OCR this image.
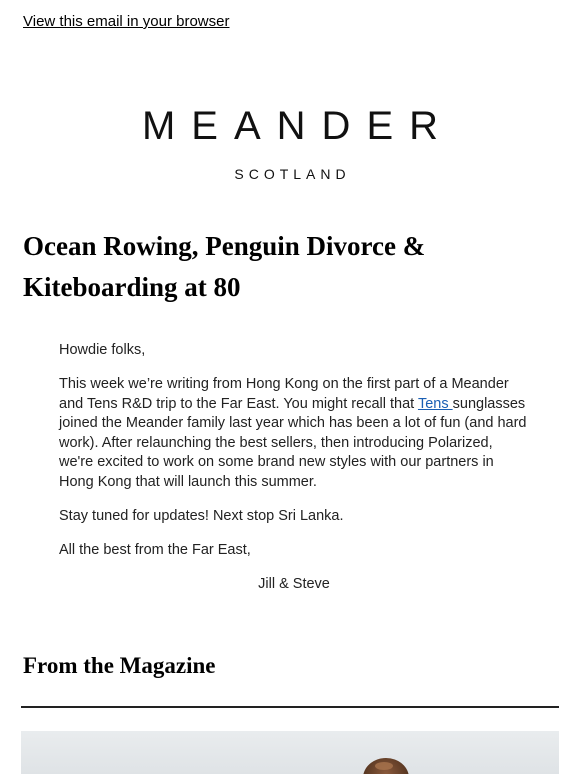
View this email in your browser
MEANDER
SCOTLAND
Ocean Rowing, Penguin Divorce & Kiteboarding at 80

Howdie folks,

This week we’re writing from Hong Kong on the first part of a Meander and Tens R&D trip to the Far East. You might recall that Tens sunglasses joined the Meander family last year which has been a lot of fun (and hard work). After relaunching the best sellers, then introducing Polarized, we're excited to work on some brand new styles with our partners in Hong Kong that will launch this summer.

Stay tuned for updates! Next stop Sri Lanka.

All the best from the Far East,

Jill & Steve

From the Magazine
